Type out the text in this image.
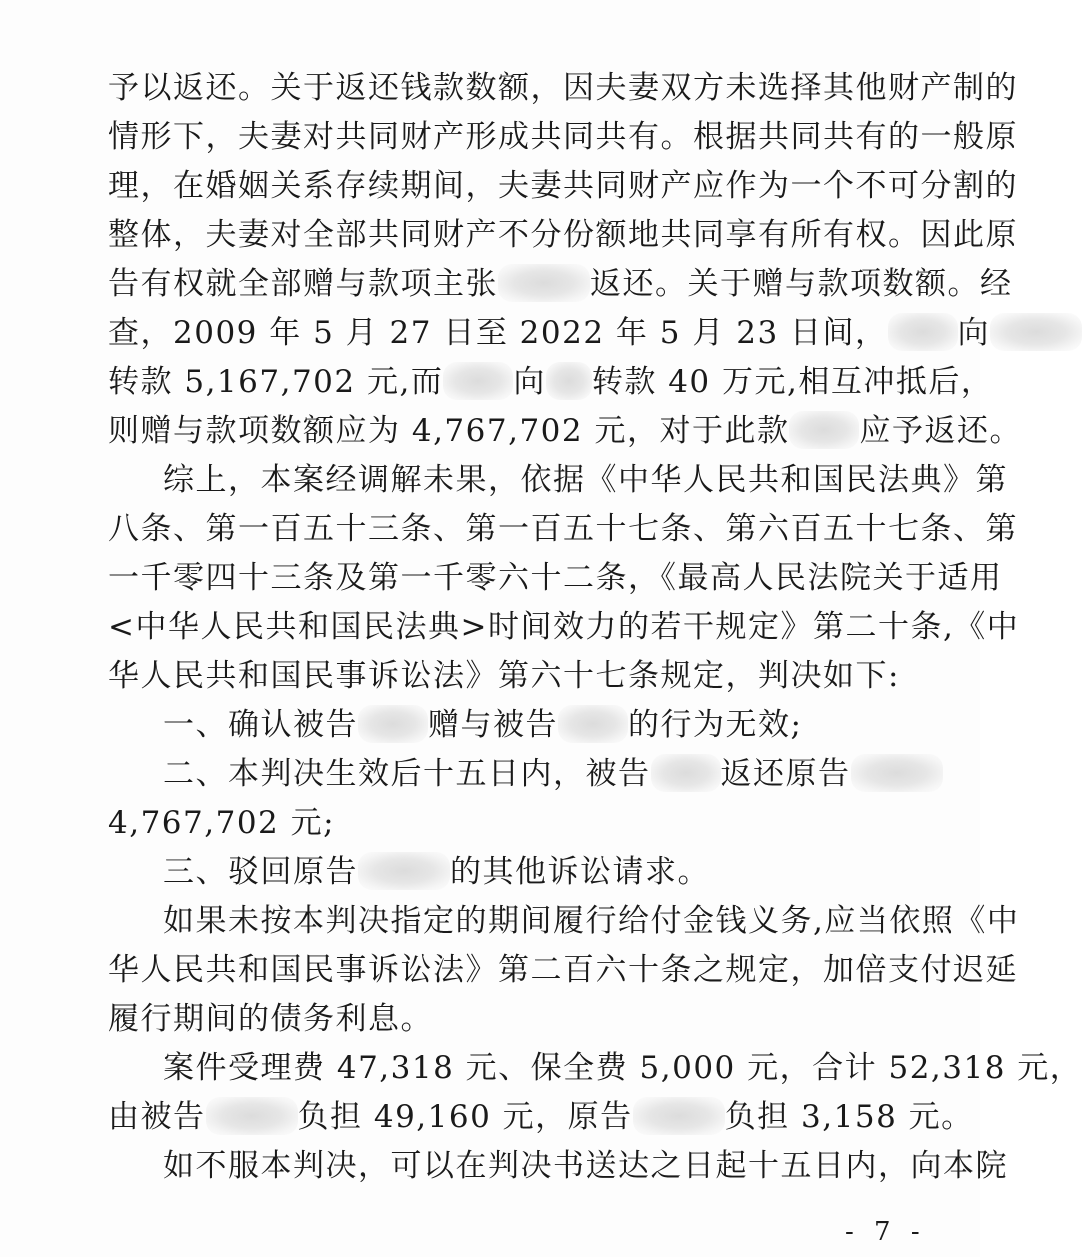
予以返还。关于返还钱款数额，因夫妻双方未选择其他财产制的
情形下，夫妻对共同财产形成共同共有。根据共同共有的一般原
理，在婚姻关系存续期间，夫妻共同财产应作为一个不可分割的
整体，夫妻对全部共同财产不分份额地共同享有所有权。因此原
告有权就全部赠与款项主张	返还。关于赠与款项数额。经
查，2009 年 5 月 27 日至 2022 年 5 月 23 日间， 向
转款 5,167,702 元,而 向 转款 40 万元,相互冲抵后，
则赠与款项数额应为 4,767,702 元，对于此款 应予返还。
综上，本案经调解未果，依据《中华人民共和国民法典》第
八条、第一百五十三条、第一百五十七条、第六百五十七条、第
一千零四十三条及第一千零六十二条，《最高人民法院关于适用
<中华人民共和国民法典>时间效力的若干规定》第二十条,《中
华人民共和国民事诉讼法》第六十七条规定，判决如下:
一、确认被告 赠与被告 的行为无效;
二、本判决生效后十五日内，被告 返还原告
4,767,702 元;
三、驳回原告	的其他诉讼请求。
如果未按本判决指定的期间履行给付金钱义务,应当依照《中
华人民共和国民事诉讼法》第二百六十条之规定，加倍支付迟延
履行期间的债务利息。
案件受理费 47,318 元、保全费 5,000 元，合计 52,318 元，
由被告	负担 49,160 元，原告	负担 3,158 元。
如不服本判决，可以在判决书送达之日起十五日内，向本院
- 7 -
